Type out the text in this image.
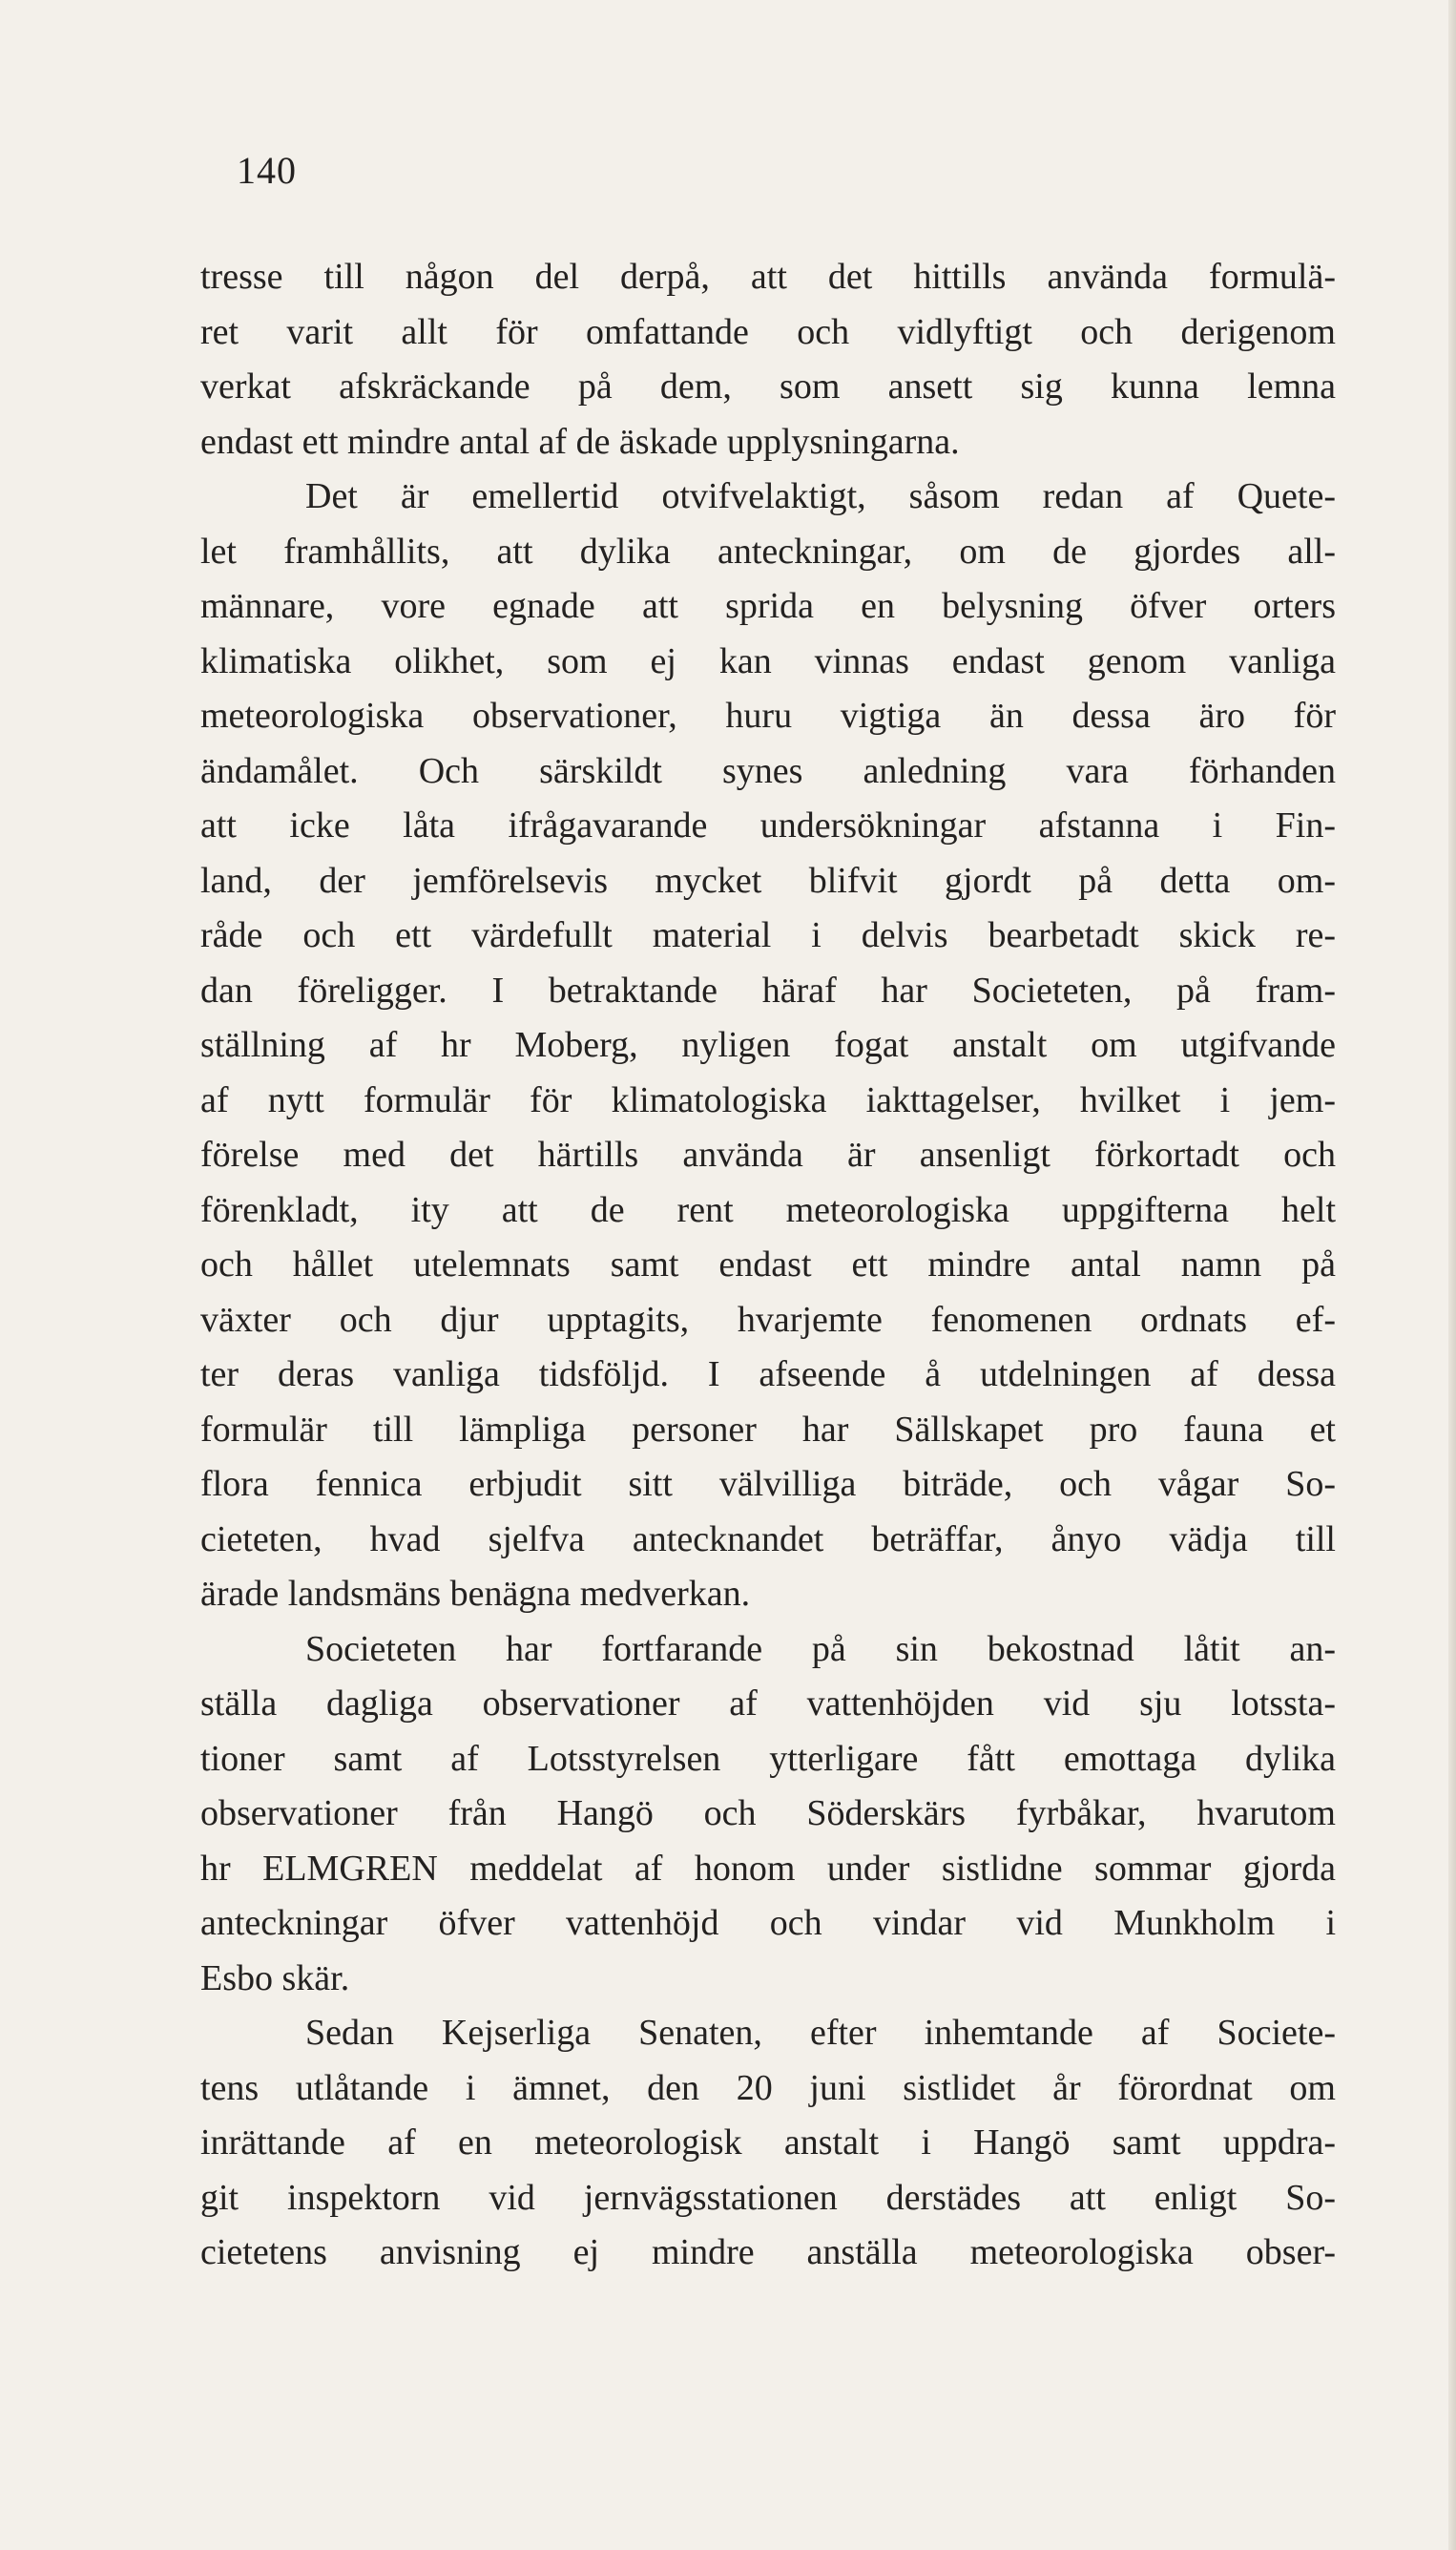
140
tresse till någon del derpå, att det hittills använda formulä-
ret varit allt för omfattande och vidlyftigt och derigenom
verkat afskräckande på dem, som ansett sig kunna lemna
endast ett mindre antal af de äskade upplysningarna.
Det är emellertid otvifvelaktigt, såsom redan af Quete-
let framhållits, att dylika anteckningar, om de gjordes all-
männare, vore egnade att sprida en belysning öfver orters
klimatiska olikhet, som ej kan vinnas endast genom vanliga
meteorologiska observationer, huru vigtiga än dessa äro för
ändamålet. Och särskildt synes anledning vara förhanden
att icke låta ifrågavarande undersökningar afstanna i Fin-
land, der jemförelsevis mycket blifvit gjordt på detta om-
råde och ett värdefullt material i delvis bearbetadt skick re-
dan föreligger. I betraktande häraf har Societeten, på fram-
ställning af hr Moberg, nyligen fogat anstalt om utgifvande
af nytt formulär för klimatologiska iakttagelser, hvilket i jem-
förelse med det härtills använda är ansenligt förkortadt och
förenkladt, ity att de rent meteorologiska uppgifterna helt
och hållet utelemnats samt endast ett mindre antal namn på
växter och djur upptagits, hvarjemte fenomenen ordnats ef-
ter deras vanliga tidsföljd. I afseende å utdelningen af dessa
formulär till lämpliga personer har Sällskapet pro fauna et
flora fennica erbjudit sitt välvilliga biträde, och vågar So-
cieteten, hvad sjelfva antecknandet beträffar, ånyo vädja till
ärade landsmäns benägna medverkan.
Societeten har fortfarande på sin bekostnad låtit an-
ställa dagliga observationer af vattenhöjden vid sju lotssta-
tioner samt af Lotsstyrelsen ytterligare fått emottaga dylika
observationer från Hangö och Söderskärs fyrbåkar, hvarutom
hr ELMGREN meddelat af honom under sistlidne sommar gjorda
anteckningar öfver vattenhöjd och vindar vid Munkholm i
Esbo skär.
Sedan Kejserliga Senaten, efter inhemtande af Societe-
tens utlåtande i ämnet, den 20 juni sistlidet år förordnat om
inrättande af en meteorologisk anstalt i Hangö samt uppdra-
git inspektorn vid jernvägsstationen derstädes att enligt So-
cietetens anvisning ej mindre anställa meteorologiska obser-
